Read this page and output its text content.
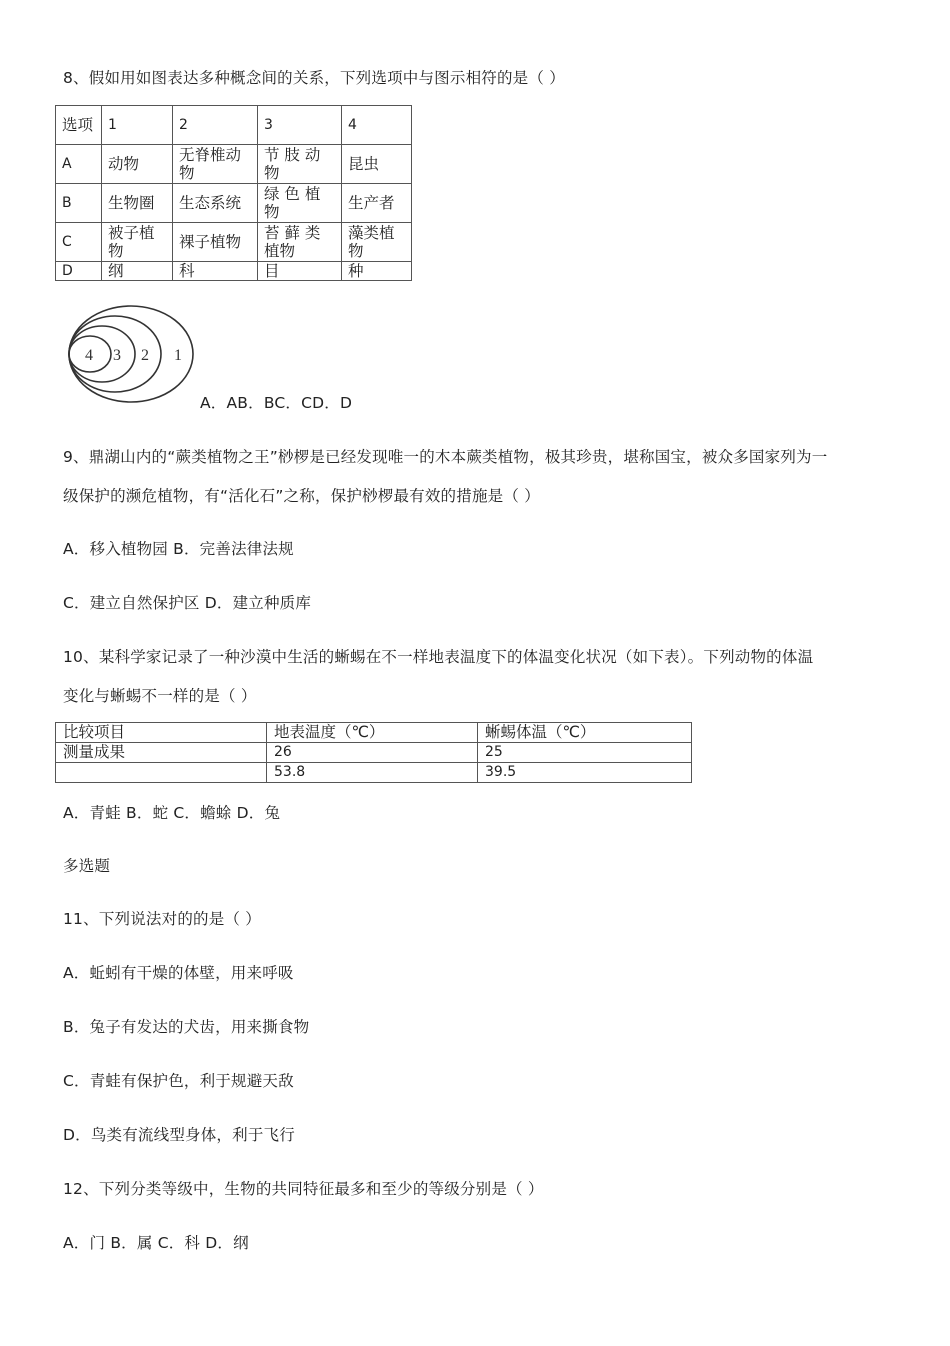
8、假如用如图表达多种概念间的关系，下列选项中与图示相符的是（ ）
选项	1	2	3	4
A	动物	无脊椎动物	节 肢 动物	昆虫
B	生物圈	生态系统	绿 色 植物	生产者
C	被子植物	裸子植物	苔 藓 类植物	藻类植物
D	纲	科	目	种
4 3 2 1
A．AB．BC．CD．D
9、鼎湖山内的“蕨类植物之王”桫椤是已经发现唯一的木本蕨类植物，极其珍贵，堪称国宝，被众多国家列为一
级保护的濒危植物，有“活化石”之称，保护桫椤最有效的措施是（ ）
A．移入植物园 B．完善法律法规
C．建立自然保护区 D．建立种质库
10、某科学家记录了一种沙漠中生活的蜥蜴在不一样地表温度下的体温变化状况（如下表）。下列动物的体温
变化与蜥蜴不一样的是（ ）
比较项目	地表温度（℃）	蜥蜴体温（℃）
测量成果	26	25
	53.8	39.5
A．青蛙 B．蛇 C．蟾蜍 D．兔
多选题
11、下列说法对的的是（ ）
A．蚯蚓有干燥的体壁，用来呼吸
B．兔子有发达的犬齿，用来撕食物
C．青蛙有保护色，利于规避天敌
D．鸟类有流线型身体，利于飞行
12、下列分类等级中，生物的共同特征最多和至少的等级分别是（ ）
A．门 B．属 C．科 D．纲
